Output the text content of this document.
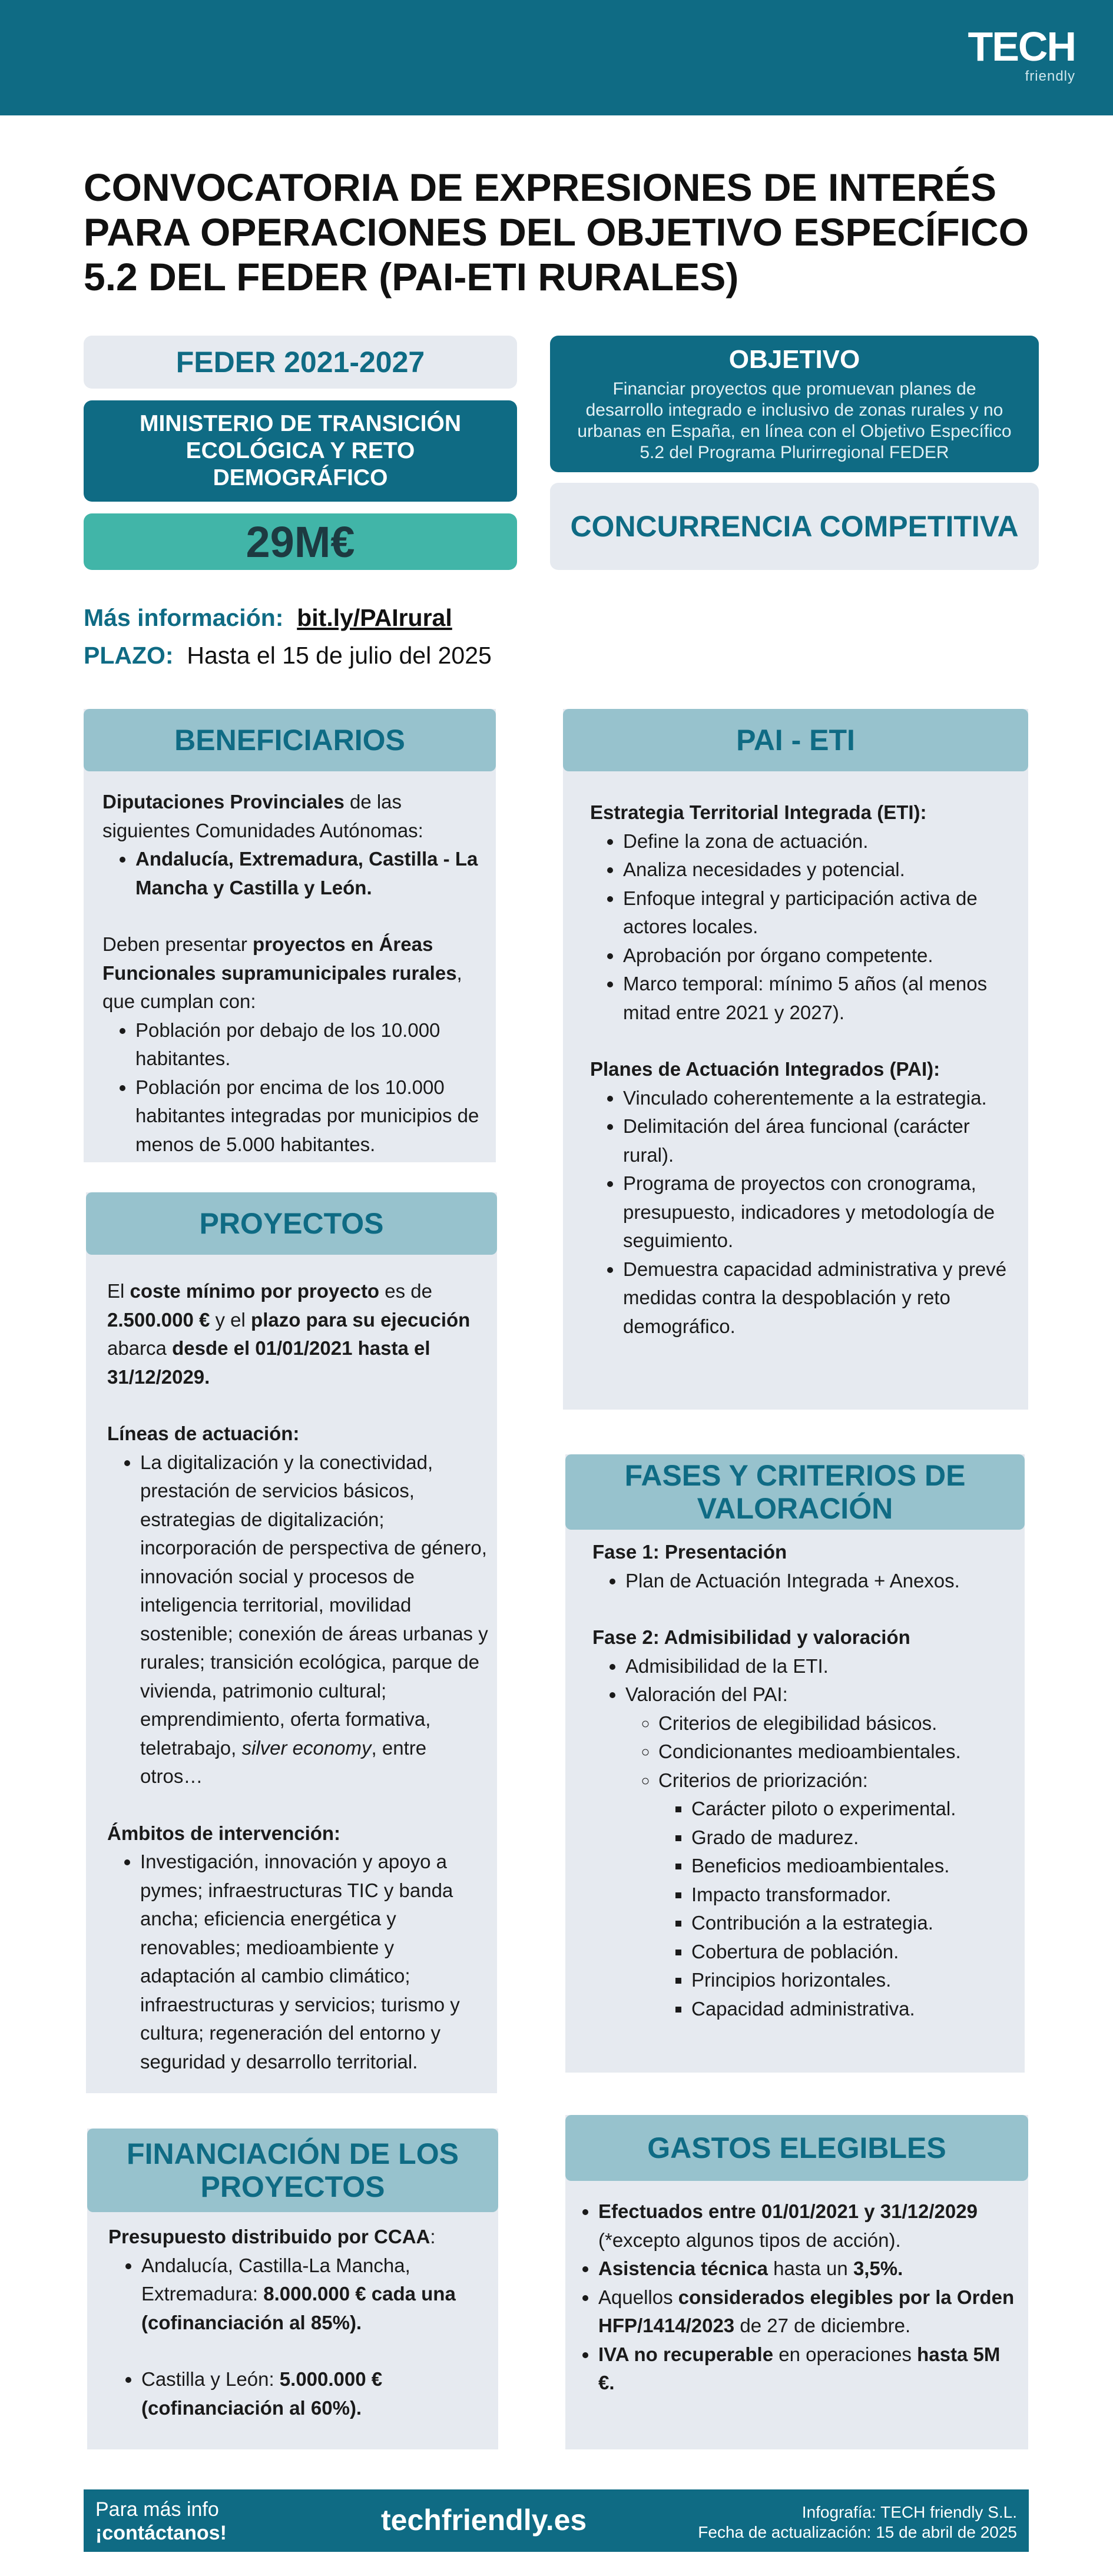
TECH
friendly
CONVOCATORIA DE EXPRESIONES DE INTERÉS PARA OPERACIONES DEL OBJETIVO ESPECÍFICO 5.2 DEL FEDER (PAI-ETI RURALES)
FEDER 2021-2027
MINISTERIO DE TRANSICIÓN ECOLÓGICA Y RETO DEMOGRÁFICO
29M€
OBJETIVO
Financiar proyectos que promuevan planes de desarrollo integrado e inclusivo de zonas rurales y no urbanas en España, en línea con el Objetivo Específico 5.2 del Programa Plurirregional FEDER
CONCURRENCIA COMPETITIVA
Más información: bit.ly/PAIrural
PLAZO: Hasta el 15 de julio del 2025
BENEFICIARIOS

Diputaciones Provinciales de las siguientes Comunidades Autónomas:

• Andalucía, Extremadura, Castilla - La Mancha y Castilla y León.

Deben presentar proyectos en Áreas Funcionales supramunicipales rurales, que cumplan con:

• Población por debajo de los 10.000 habitantes.
• Población por encima de los 10.000 habitantes integradas por municipios de menos de 5.000 habitantes.
PAI - ETI

Estrategia Territorial Integrada (ETI):

• Define la zona de actuación.
• Analiza necesidades y potencial.
• Enfoque integral y participación activa de actores locales.
• Aprobación por órgano competente.
• Marco temporal: mínimo 5 años (al menos mitad entre 2021 y 2027).

Planes de Actuación Integrados (PAI):

• Vinculado coherentemente a la estrategia.
• Delimitación del área funcional (carácter rural).
• Programa de proyectos con cronograma, presupuesto, indicadores y metodología de seguimiento.
• Demuestra capacidad administrativa y prevé medidas contra la despoblación y reto demográfico.
PROYECTOS

El coste mínimo por proyecto es de 2.500.000 € y el plazo para su ejecución abarca desde el 01/01/2021 hasta el 31/12/2029.

Líneas de actuación:

• La digitalización y la conectividad, prestación de servicios básicos, estrategias de digitalización; incorporación de perspectiva de género, innovación social y procesos de inteligencia territorial, movilidad sostenible; conexión de áreas urbanas y rurales; transición ecológica, parque de vivienda, patrimonio cultural; emprendimiento, oferta formativa, teletrabajo, silver economy, entre otros…

Ámbitos de intervención:

• Investigación, innovación y apoyo a pymes; infraestructuras TIC y banda ancha; eficiencia energética y renovables; medioambiente y adaptación al cambio climático; infraestructuras y servicios; turismo y cultura; regeneración del entorno y seguridad y desarrollo territorial.
FASES Y CRITERIOS DE VALORACIÓN

Fase 1: Presentación

• Plan de Actuación Integrada + Anexos.

Fase 2: Admisibilidad y valoración

• Admisibilidad de la ETI.
• Valoración del PAI:
◦ Criterios de elegibilidad básicos.
◦ Condicionantes medioambientales.
◦ Criterios de priorización:
▪ Carácter piloto o experimental.
▪ Grado de madurez.
▪ Beneficios medioambientales.
▪ Impacto transformador.
▪ Contribución a la estrategia.
▪ Cobertura de población.
▪ Principios horizontales.
▪ Capacidad administrativa.
FINANCIACIÓN DE LOS PROYECTOS

Presupuesto distribuido por CCAA:

• Andalucía, Castilla-La Mancha, Extremadura: 8.000.000 € cada una (cofinanciación al 85%).
• Castilla y León: 5.000.000 € (cofinanciación al 60%).
GASTOS ELEGIBLES
• Efectuados entre 01/01/2021 y 31/12/2029 (*excepto algunos tipos de acción).
• Asistencia técnica hasta un 3,5%.
• Aquellos considerados elegibles por la Orden HFP/1414/2023 de 27 de diciembre.
• IVA no recuperable en operaciones hasta 5M €.
Para más info
¡contáctanos!	techfriendly.es	Infografía: TECH friendly S.L.
Fecha de actualización: 15 de abril de 2025
